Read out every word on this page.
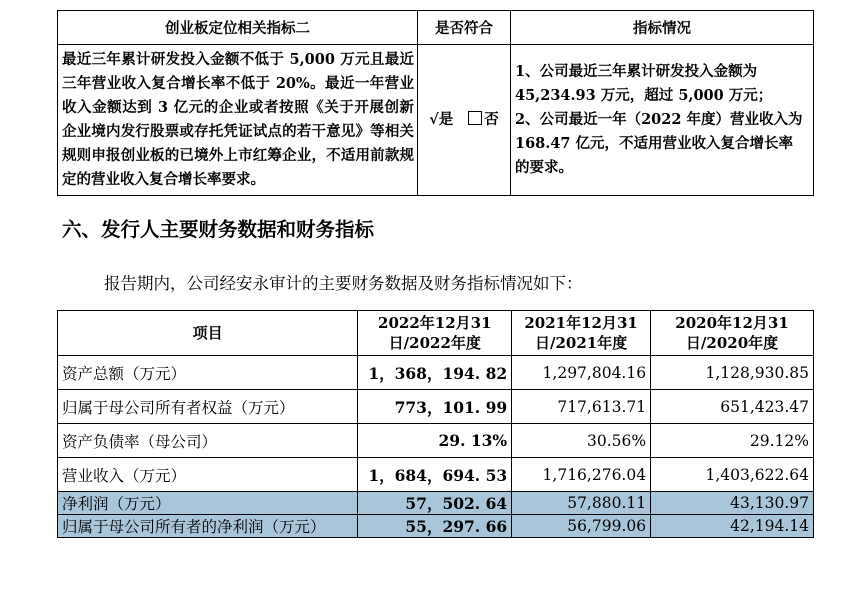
创业板定位相关指标二	是否符合	指标情况
最近三年累计研发投入金额不低于 5,000 万元且最近三年营业收入复合增长率不低于 20%。最近一年营业收入金额达到 3 亿元的企业或者按照《关于开展创新企业境内发行股票或存托凭证试点的若干意见》等相关规则申报创业板的已境外上市红筹企业，不适用前款规定的营业收入复合增长率要求。	√是 否	1、公司最近三年累计研发投入金额为 45,234.93 万元，超过 5,000 万元；
2、公司最近一年（2022 年度）营业收入为 168.47 亿元，不适用营业收入复合增长率的要求。
六、发行人主要财务数据和财务指标
报告期内，公司经安永审计的主要财务数据及财务指标情况如下：
项目	2022年12月31日/2022年度	2021年12月31日/2021年度	2020年12月31日/2020年度
资产总额（万元）	1，368，194. 82	1,297,804.16	1,128,930.85
归属于母公司所有者权益（万元）	773，101. 99	717,613.71	651,423.47
资产负债率（母公司）	29. 13%	30.56%	29.12%
营业收入（万元）	1，684，694. 53	1,716,276.04	1,403,622.64
净利润（万元）	57，502. 64	57,880.11	43,130.97
归属于母公司所有者的净利润（万元）	55，297. 66	56,799.06	42,194.14
